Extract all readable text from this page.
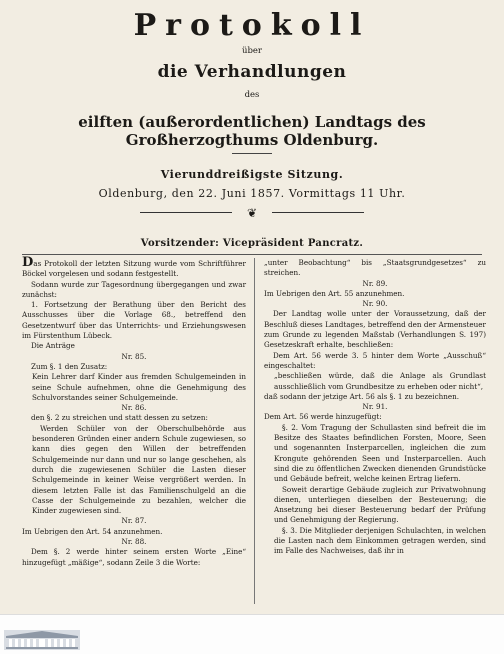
Protokoll
über
die Verhandlungen
des
eilften (außerordentlichen) Landtags des Großherzogthums Oldenburg.
Vierunddreißigste Sitzung.
Oldenburg, den 22. Juni 1857. Vormittags 11 Uhr.
❦
Vorsitzender: Vicepräsident Pancratz.

Das Protokoll der letzten Sitzung wurde vom Schriftführer Böckel vorgelesen und sodann festgestellt.

Sodann wurde zur Tagesordnung übergegangen und zwar zunächst:

1. Fortsetzung der Berathung über den Bericht des Ausschusses über die Vorlage 68., betreffend den Gesetzentwurf über das Unterrichts- und Erziehungswesen im Fürstenthum Lübeck.

Die Anträge

Nr. 85.

Zum §. 1 den Zusatz:

Kein Lehrer darf Kinder aus fremden Schulgemeinden in seine Schule aufnehmen, ohne die Genehmigung des Schulvorstandes seiner Schulgemeinde.

Nr. 86.

den §. 2 zu streichen und statt dessen zu setzen:

Werden Schüler von der Oberschulbehörde aus besonderen Gründen einer andern Schule zugewiesen, so kann dies gegen den Willen der betreffenden Schulgemeinde nur dann und nur so lange geschehen, als durch die zugewiesenen Schüler die Lasten dieser Schulgemeinde in keiner Weise vergrößert werden. In diesem letzten Falle ist das Familienschulgeld an die Casse der Schulgemeinde zu bezahlen, welcher die Kinder zugewiesen sind.

Nr. 87.

Im Uebrigen den Art. 54 anzunehmen.

Nr. 88.

Dem §. 2 werde hinter seinem ersten Worte „Eine“ hinzugefügt „mäßige“, sodann Zeile 3 die Worte:

„unter Beobachtung“ bis „Staatsgrundgesetzes“ zu streichen.

Nr. 89.

Im Uebrigen den Art. 55 anzunehmen.

Nr. 90.

Der Landtag wolle unter der Voraussetzung, daß der Beschluß dieses Landtages, betreffend den der Armensteuer zum Grunde zu legenden Maßstab (Verhandlungen S. 197) Gesetzeskraft erhalte, beschließen:

Dem Art. 56 werde 3. 5 hinter dem Worte „Ausschuß“ eingeschaltet:

„beschließen würde, daß die Anlage als Grundlast ausschließlich vom Grundbesitze zu erheben oder nicht“,

daß sodann der jetzige Art. 56 als §. 1 zu bezeichnen.

Nr. 91.

Dem Art. 56 werde hinzugefügt:

§. 2. Vom Tragung der Schullasten sind befreit die im Besitze des Staates befindlichen Forsten, Moore, Seen und sogenannten Insterparcellen, ingleichen die zum Krongute gehörenden Seen und Insterparcellen. Auch sind die zu öffentlichen Zwecken dienenden Grundstücke und Gebäude befreit, welche keinen Ertrag liefern.

Soweit derartige Gebäude zugleich zur Privatwohnung dienen, unterliegen dieselben der Besteuerung; die Ansetzung bei dieser Besteuerung bedarf der Prüfung und Genehmigung der Regierung.

§. 3. Die Mitglieder derjenigen Schulachten, in welchen die Lasten nach dem Einkommen getragen werden, sind im Falle des Nachweises, daß ihr in
